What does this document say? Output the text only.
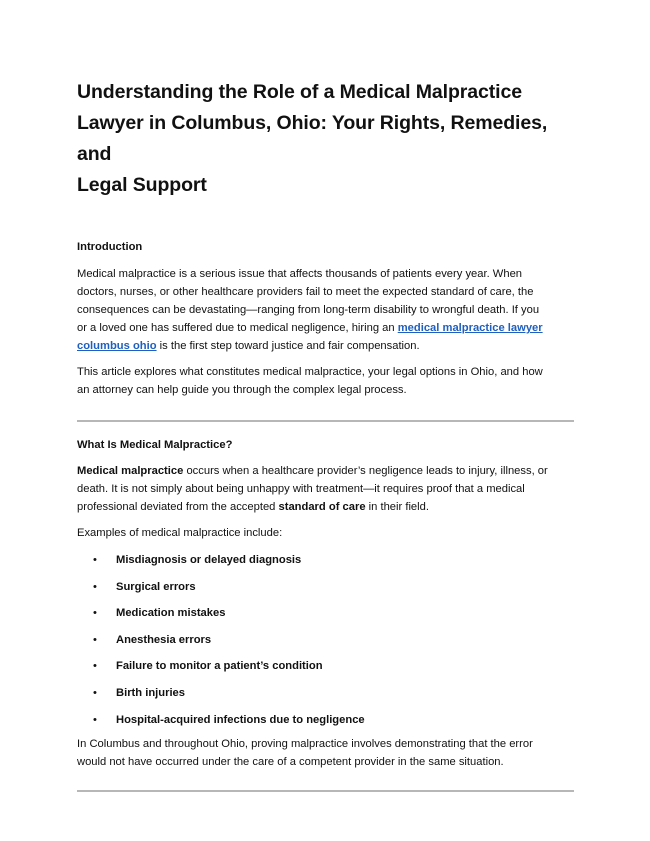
Understanding the Role of a Medical Malpractice
Lawyer in Columbus, Ohio: Your Rights, Remedies, and
Legal Support
Introduction

Medical malpractice is a serious issue that affects thousands of patients every year. When
doctors, nurses, or other healthcare providers fail to meet the expected standard of care, the
consequences can be devastating—ranging from long-term disability to wrongful death. If you
or a loved one has suffered due to medical negligence, hiring an medical malpractice lawyer
columbus ohio is the first step toward justice and fair compensation.

This article explores what constitutes medical malpractice, your legal options in Ohio, and how
an attorney can help guide you through the complex legal process.

What Is Medical Malpractice?

Medical malpractice occurs when a healthcare provider’s negligence leads to injury, illness, or
death. It is not simply about being unhappy with treatment—it requires proof that a medical
professional deviated from the accepted standard of care in their field.

Examples of medical malpractice include:

• Misdiagnosis or delayed diagnosis
• Surgical errors
• Medication mistakes
• Anesthesia errors
• Failure to monitor a patient’s condition
• Birth injuries
• Hospital-acquired infections due to negligence

In Columbus and throughout Ohio, proving malpractice involves demonstrating that the error
would not have occurred under the care of a competent provider in the same situation.
